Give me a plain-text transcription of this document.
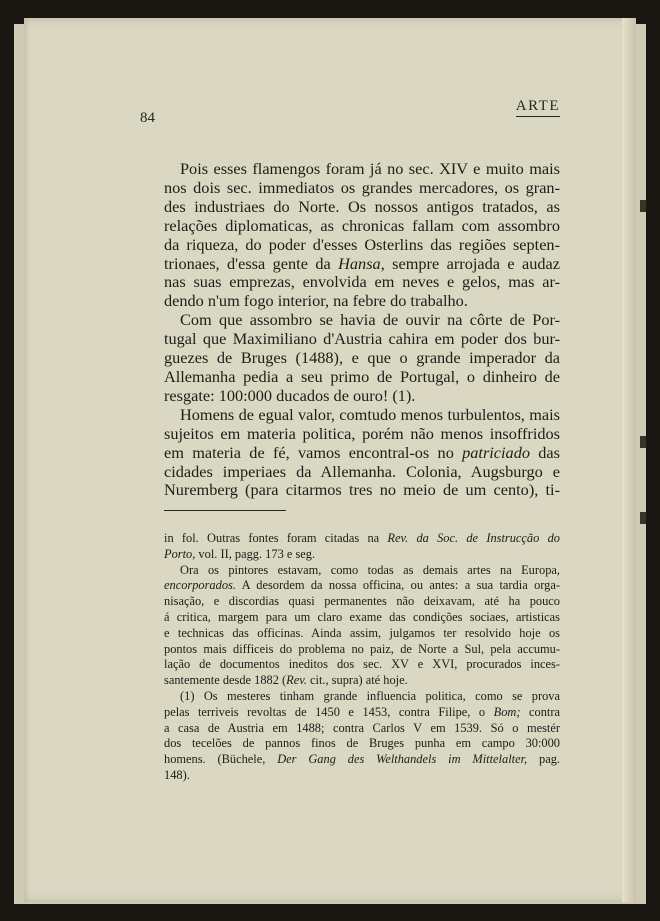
84
ARTE
Pois esses flamengos foram já no sec. XIV e muito mais
nos dois sec. immediatos os grandes mercadores, os gran-
des industriaes do Norte. Os nossos antigos tratados, as
relações diplomaticas, as chronicas fallam com assombro
da riqueza, do poder d'esses Osterlins das regiões septen-
trionaes, d'essa gente da Hansa, sempre arrojada e audaz
nas suas emprezas, envolvida em neves e gelos, mas ar-
dendo n'um fogo interior, na febre do trabalho.
Com que assombro se havia de ouvir na côrte de Por-
tugal que Maximiliano d'Austria cahira em poder dos bur-
guezes de Bruges (1488), e que o grande imperador da
Allemanha pedia a seu primo de Portugal, o dinheiro de
resgate: 100:000 ducados de ouro! (1).
Homens de egual valor, comtudo menos turbulentos, mais
sujeitos em materia politica, porém não menos insoffridos
em materia de fé, vamos encontral-os no patriciado das
cidades imperiaes da Allemanha. Colonia, Augsburgo e
Nuremberg (para citarmos tres no meio de um cento), ti-
in fol. Outras fontes foram citadas na Rev. da Soc. de Instrucção do
Porto, vol. II, pagg. 173 e seg.
Ora os pintores estavam, como todas as demais artes na Europa,
encorporados. A desordem da nossa officina, ou antes: a sua tardia orga-
nisação, e discordias quasi permanentes não deixavam, até ha pouco
á critica, margem para um claro exame das condições sociaes, artisticas
e technicas das officinas. Ainda assim, julgamos ter resolvido hoje os
pontos mais difficeis do problema no paiz, de Norte a Sul, pela accumu-
lação de documentos ineditos dos sec. XV e XVI, procurados inces-
santemente desde 1882 (Rev. cit., supra) até hoje.
(1) Os mesteres tinham grande influencia politica, como se prova
pelas terriveis revoltas de 1450 e 1453, contra Filipe, o Bom; contra
a casa de Austria em 1488; contra Carlos V em 1539. Só o mestér
dos tecelões de pannos finos de Bruges punha em campo 30:000
homens. (Büchele, Der Gang des Welthandels im Mittelalter, pag.
148).
